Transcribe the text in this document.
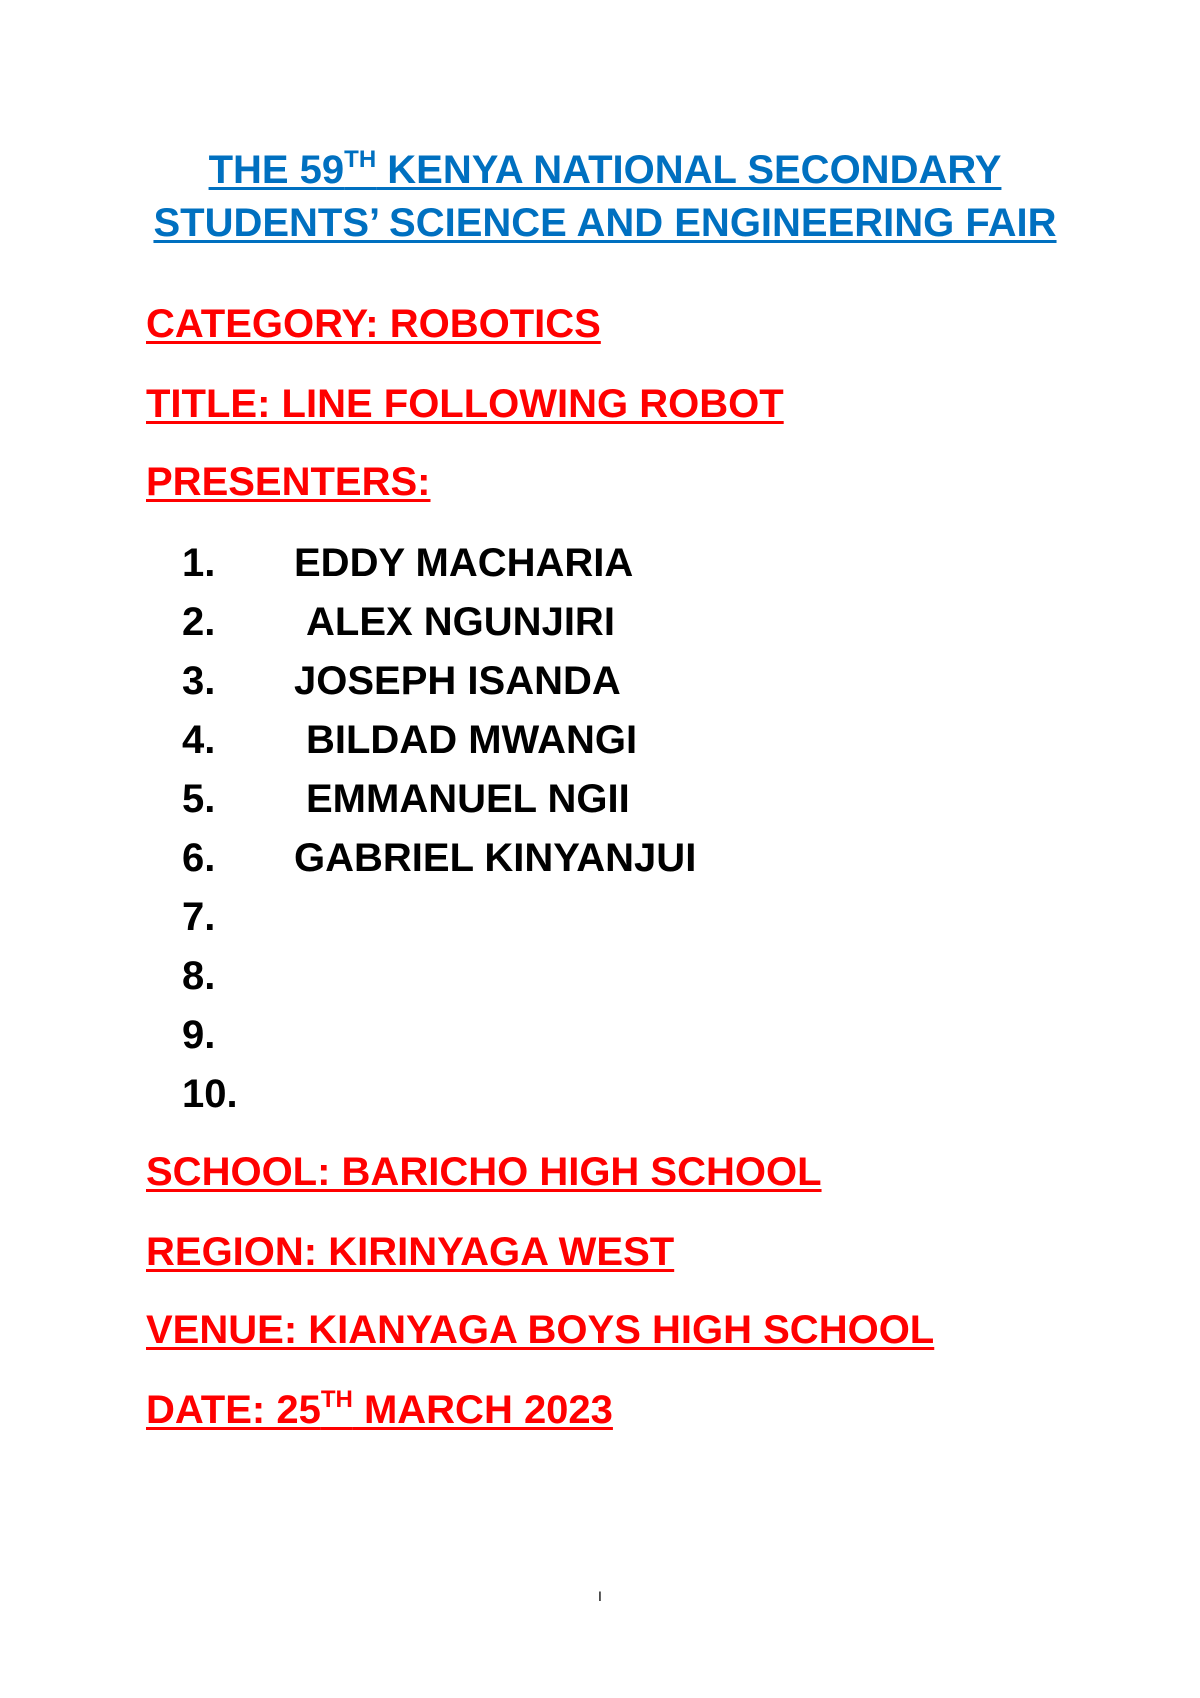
THE 59TH KENYA NATIONAL SECONDARY STUDENTS’ SCIENCE AND ENGINEERING FAIR
CATEGORY: ROBOTICS
TITLE: LINE FOLLOWING ROBOT
PRESENTERS:
1. EDDY MACHARIA
2. ALEX NGUNJIRI
3. JOSEPH ISANDA
4. BILDAD MWANGI
5. EMMANUEL NGII
6. GABRIEL KINYANJUI
7.
8.
9.
10.
SCHOOL: BARICHO HIGH SCHOOL
REGION: KIRINYAGA WEST
VENUE: KIANYAGA BOYS HIGH SCHOOL
DATE: 25TH MARCH 2023
I
